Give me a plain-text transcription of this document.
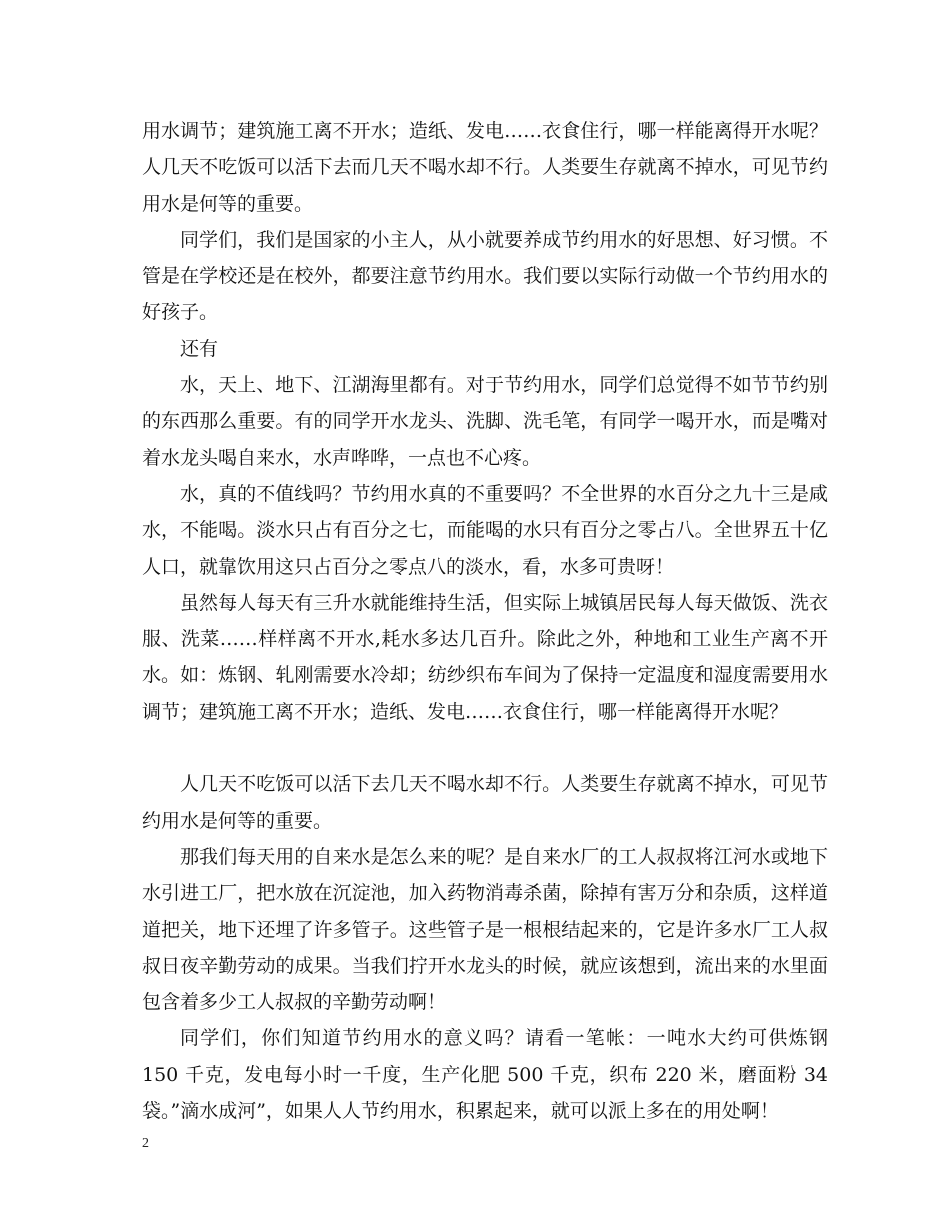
用水调节；建筑施工离不开水；造纸、发电……衣食住行，哪一样能离得开水呢？ 人几天不吃饭可以活下去而几天不喝水却不行。人类要生存就离不掉水，可见节约用水是何等的重要。

同学们，我们是国家的小主人，从小就要养成节约用水的好思想、好习惯。不管是在学校还是在校外，都要注意节约用水。我们要以实际行动做一个节约用水的好孩子。

还有

水，天上、地下、江湖海里都有。对于节约用水，同学们总觉得不如节节约别的东西那么重要。有的同学开水龙头、洗脚、洗毛笔，有同学一喝开水，而是嘴对着水龙头喝自来水，水声哗哗，一点也不心疼。

水，真的不值线吗？节约用水真的不重要吗？不全世界的水百分之九十三是咸水，不能喝。淡水只占有百分之七，而能喝的水只有百分之零占八。全世界五十亿人口，就靠饮用这只占百分之零点八的淡水，看，水多可贵呀！

虽然每人每天有三升水就能维持生活，但实际上城镇居民每人每天做饭、洗衣服、洗菜……样样离不开水,耗水多达几百升。除此之外，种地和工业生产离不开水。如：炼钢、轧刚需要水冷却；纺纱织布车间为了保持一定温度和湿度需要用水调节；建筑施工离不开水；造纸、发电……衣食住行，哪一样能离得开水呢？

人几天不吃饭可以活下去几天不喝水却不行。人类要生存就离不掉水，可见节约用水是何等的重要。

那我们每天用的自来水是怎么来的呢？是自来水厂的工人叔叔将江河水或地下水引进工厂，把水放在沉淀池，加入药物消毒杀菌，除掉有害万分和杂质，这样道道把关，地下还埋了许多管子。这些管子是一根根结起来的，它是许多水厂工人叔叔日夜辛勤劳动的成果。当我们拧开水龙头的时候，就应该想到，流出来的水里面包含着多少工人叔叔的辛勤劳动啊！

同学们，你们知道节约用水的意义吗？请看一笔帐：一吨水大约可供炼钢 150 千克，发电每小时一千度，生产化肥 500 千克，织布 220 米，磨面粉 34 袋。”滴水成河”，如果人人节约用水，积累起来，就可以派上多在的用处啊！

2
